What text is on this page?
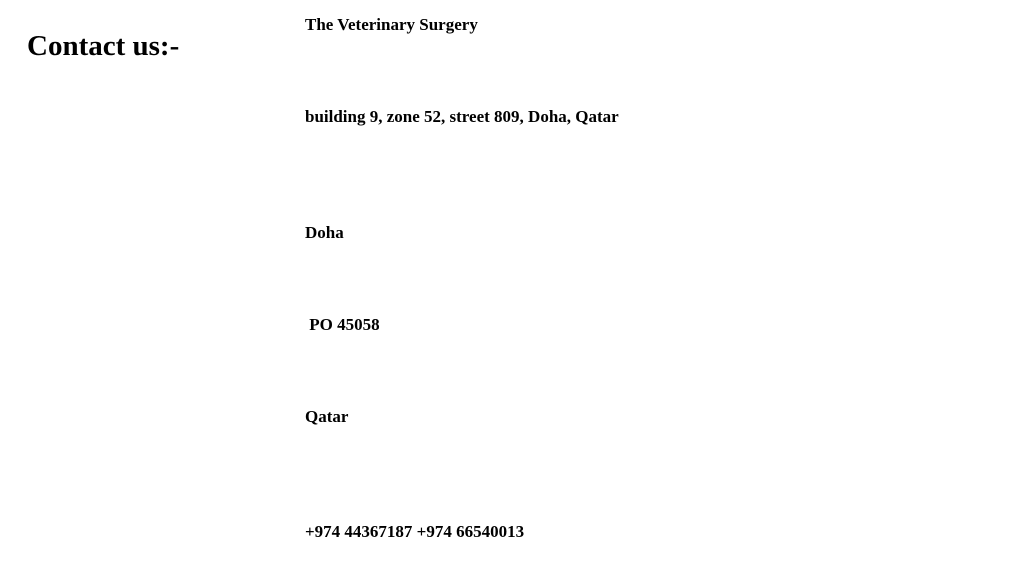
Contact us:-
The Veterinary Surgery
building 9, zone 52, street 809, Doha, Qatar
Doha
PO 45058
Qatar
+974 44367187 +974 66540013
